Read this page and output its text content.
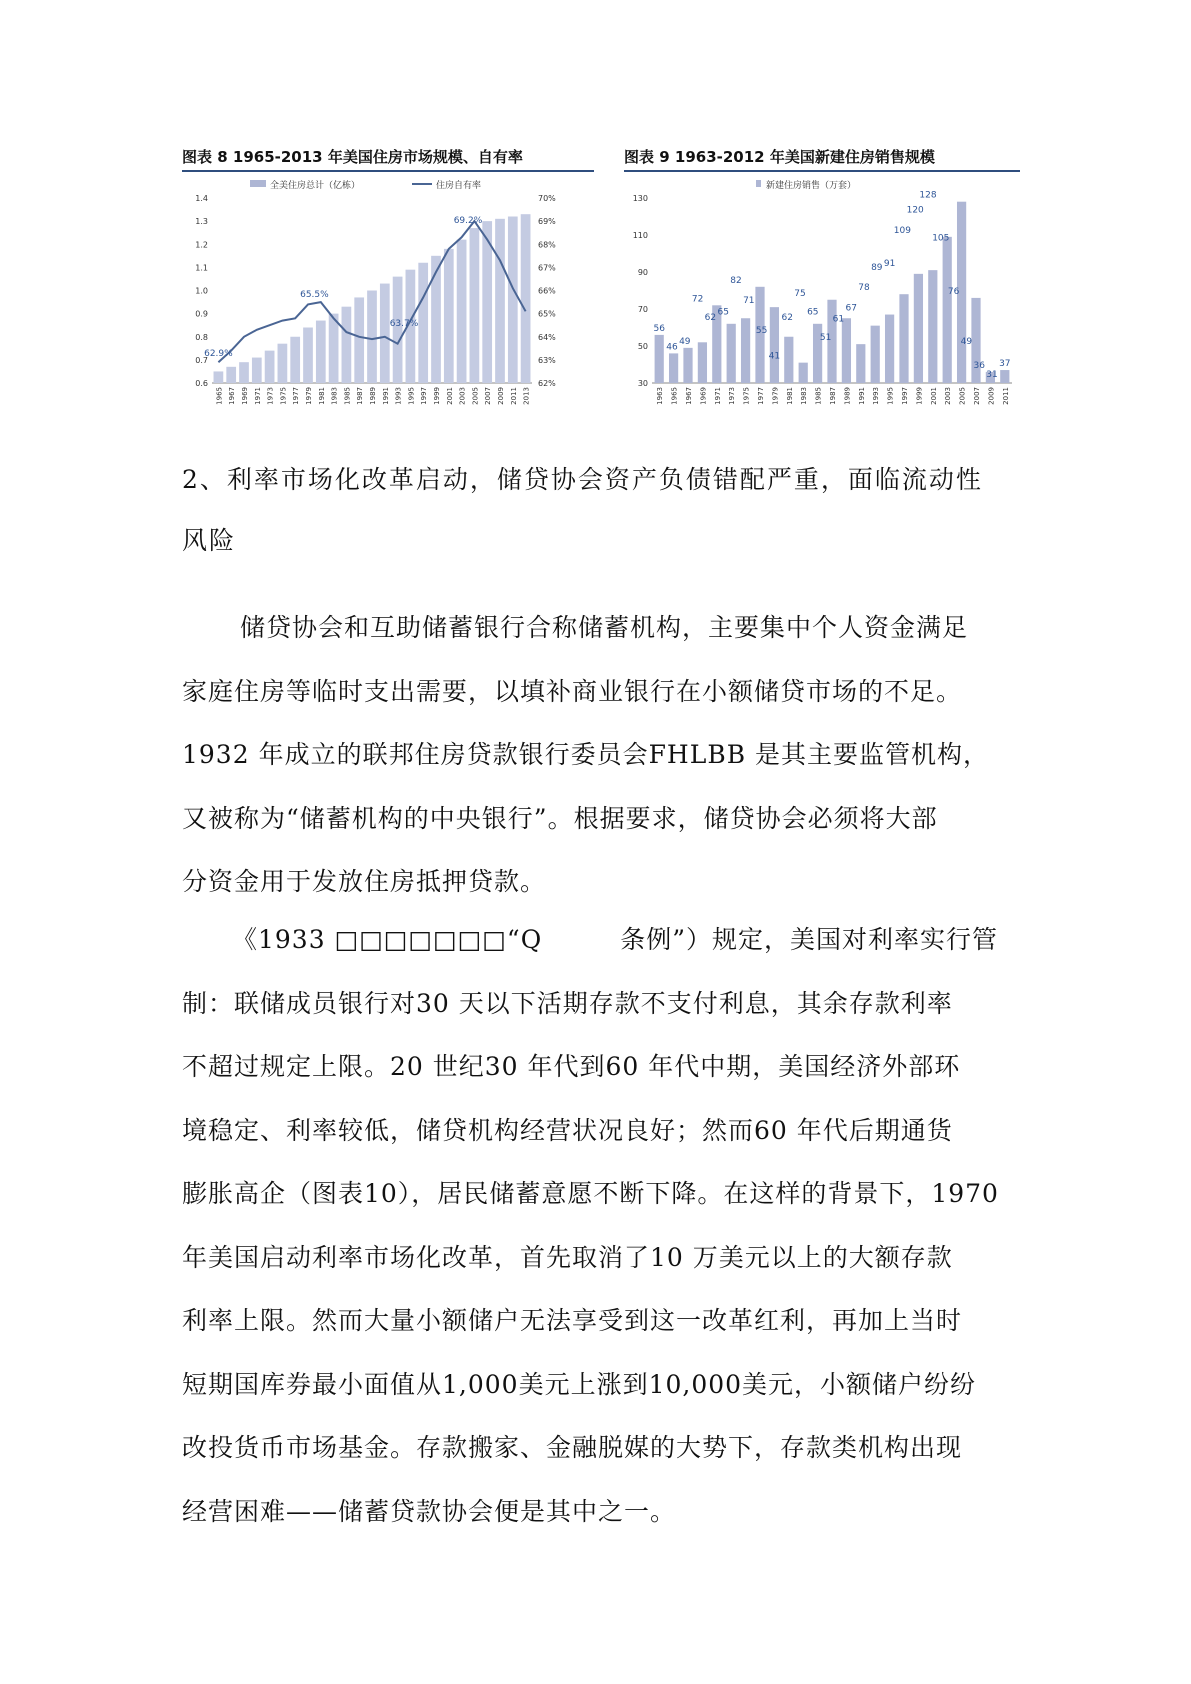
图表 8 1965-2013 年美国住房市场规模、自有率
全美住房总计（亿栋）	住房自有率
1.4
1.3
1.2
1.1
1.0
0.9
0.8
0.7
0.6
70%
69%
68%
67%
66%
65%
64%
63%
62%
62.9%
65.5%
63.7%
69.2%
1965 1967 1969 1971 1973 1975 1977 1979 1981 1983 1985 1987 1989 1991 1993 1995 1997 1999 2001 2003 2005 2007 2009 2011 2013
图表 9 1963-2012 年美国新建住房销售规模
新建住房销售（万套）
130
110
90
70
50
30
56
46
49
72
62
65
82
71
55
41
62
75
65
51
61
67
78
89 91
109
120
128
105
76
49
36
31
37
1963 1965 1967 1969 1971 1973 1975 1977 1979 1981 1983 1985 1987 1989 1991 1993 1995 1997 1999 2001 2003 2005 2007 2009 2011
2、利率市场化改革启动，储贷协会资产负债错配严重，面临流动性
风险
储贷协会和互助储蓄银行合称储蓄机构，主要集中个人资金满足
家庭住房等临时支出需要，以填补商业银行在小额储贷市场的不足。
1932 年成立的联邦住房贷款银行委员会FHLBB 是其主要监管机构，
又被称为“储蓄机构的中央银行”。根据要求，储贷协会必须将大部
分资金用于发放住房抵押贷款。
《1933 □□□□□□□“Q　　　条例”）规定，美国对利率实行管
制：联储成员银行对30 天以下活期存款不支付利息，其余存款利率
不超过规定上限。20 世纪30 年代到60 年代中期，美国经济外部环
境稳定、利率较低，储贷机构经营状况良好；然而60 年代后期通货
膨胀高企（图表10），居民储蓄意愿不断下降。在这样的背景下，1970
年美国启动利率市场化改革，首先取消了10 万美元以上的大额存款
利率上限。然而大量小额储户无法享受到这一改革红利，再加上当时
短期国库券最小面值从1,000美元上涨到10,000美元，小额储户纷纷
改投货币市场基金。存款搬家、金融脱媒的大势下，存款类机构出现
经营困难——储蓄贷款协会便是其中之一。
